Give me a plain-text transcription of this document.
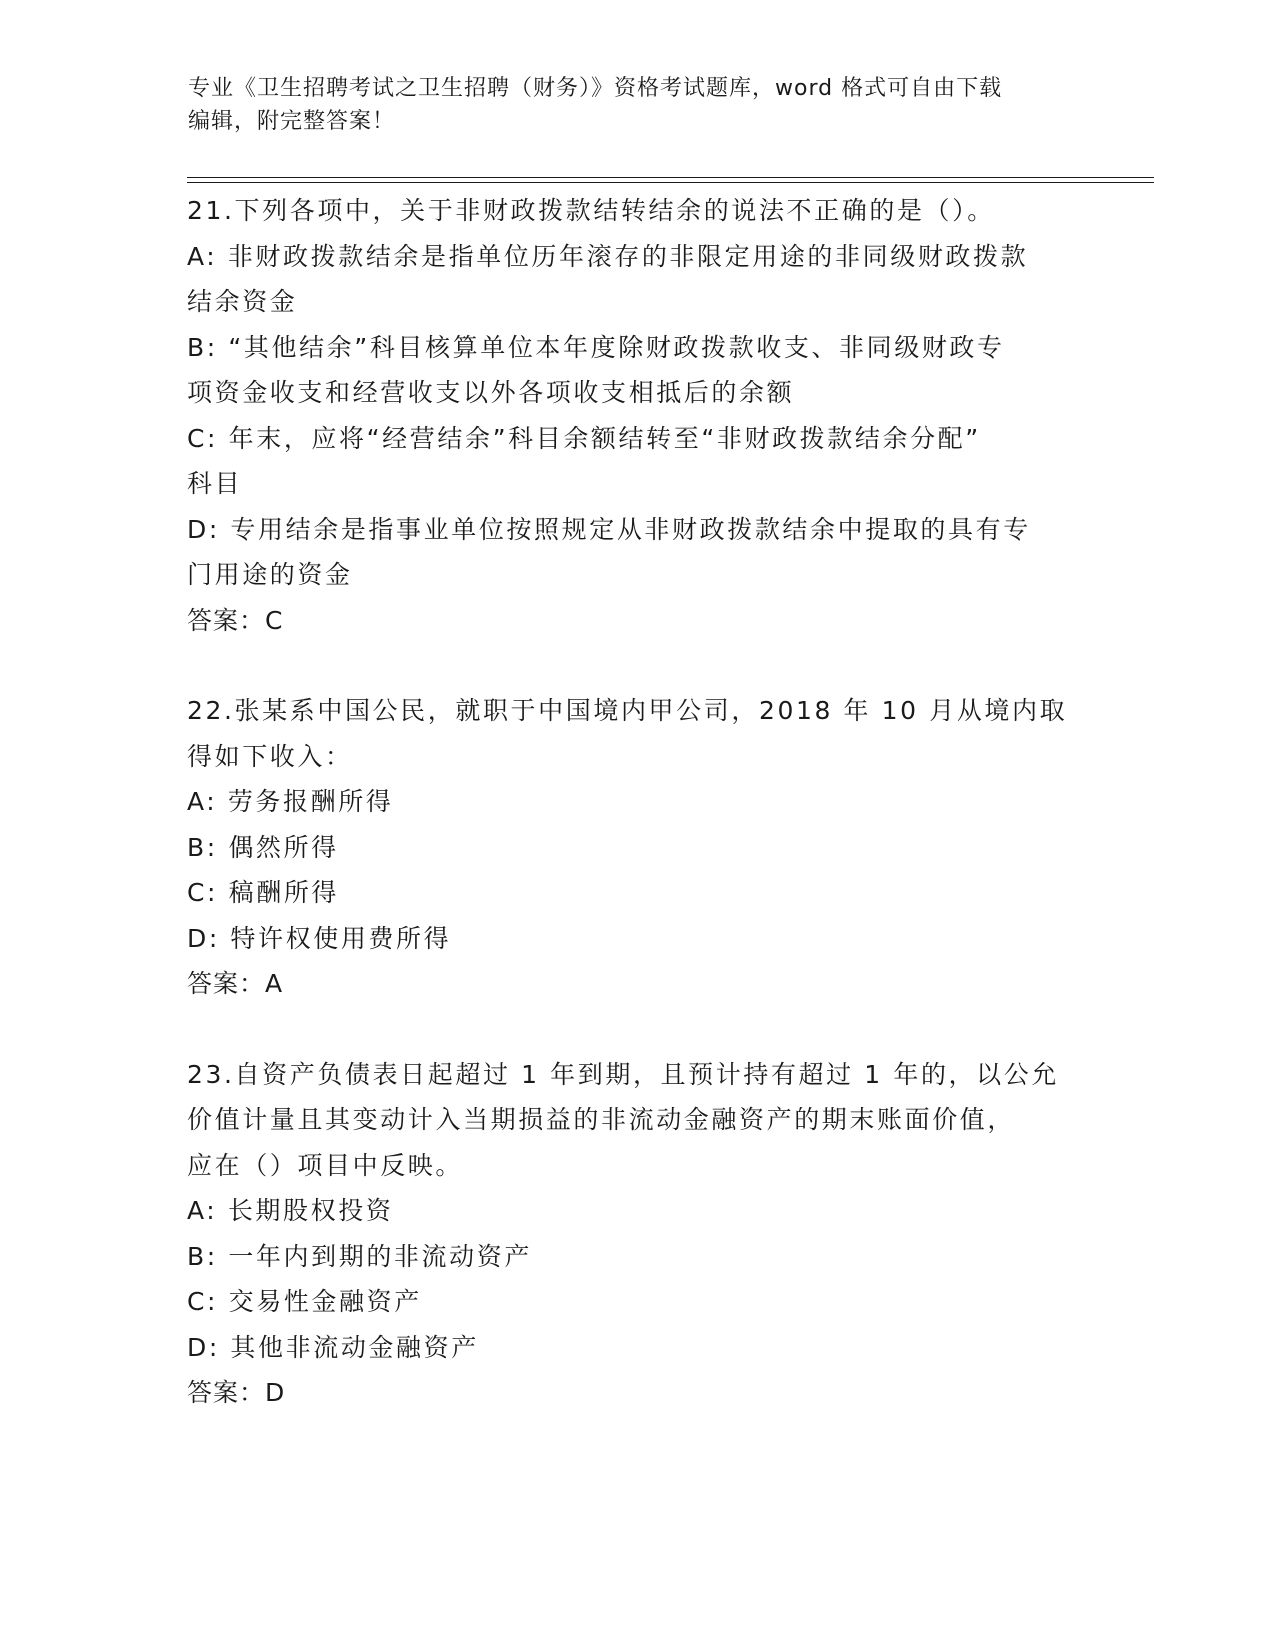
专业《卫生招聘考试之卫生招聘（财务）》资格考试题库，word 格式可自由下载
编辑，附完整答案！

21.下列各项中，关于非财政拨款结转结余的说法不正确的是（）。

A: 非财政拨款结余是指单位历年滚存的非限定用途的非同级财政拨款

结余资金

B: “其他结余”科目核算单位本年度除财政拨款收支、非同级财政专

项资金收支和经营收支以外各项收支相抵后的余额

C: 年末，应将“经营结余”科目余额结转至“非财政拨款结余分配”

科目

D: 专用结余是指事业单位按照规定从非财政拨款结余中提取的具有专

门用途的资金

答案：C

22.张某系中国公民，就职于中国境内甲公司，2018 年 10 月从境内取

得如下收入：

A: 劳务报酬所得

B: 偶然所得

C: 稿酬所得

D: 特许权使用费所得

答案：A

23.自资产负债表日起超过 1 年到期，且预计持有超过 1 年的，以公允

价值计量且其变动计入当期损益的非流动金融资产的期末账面价值，

应在（）项目中反映。

A: 长期股权投资

B: 一年内到期的非流动资产

C: 交易性金融资产

D: 其他非流动金融资产

答案：D
